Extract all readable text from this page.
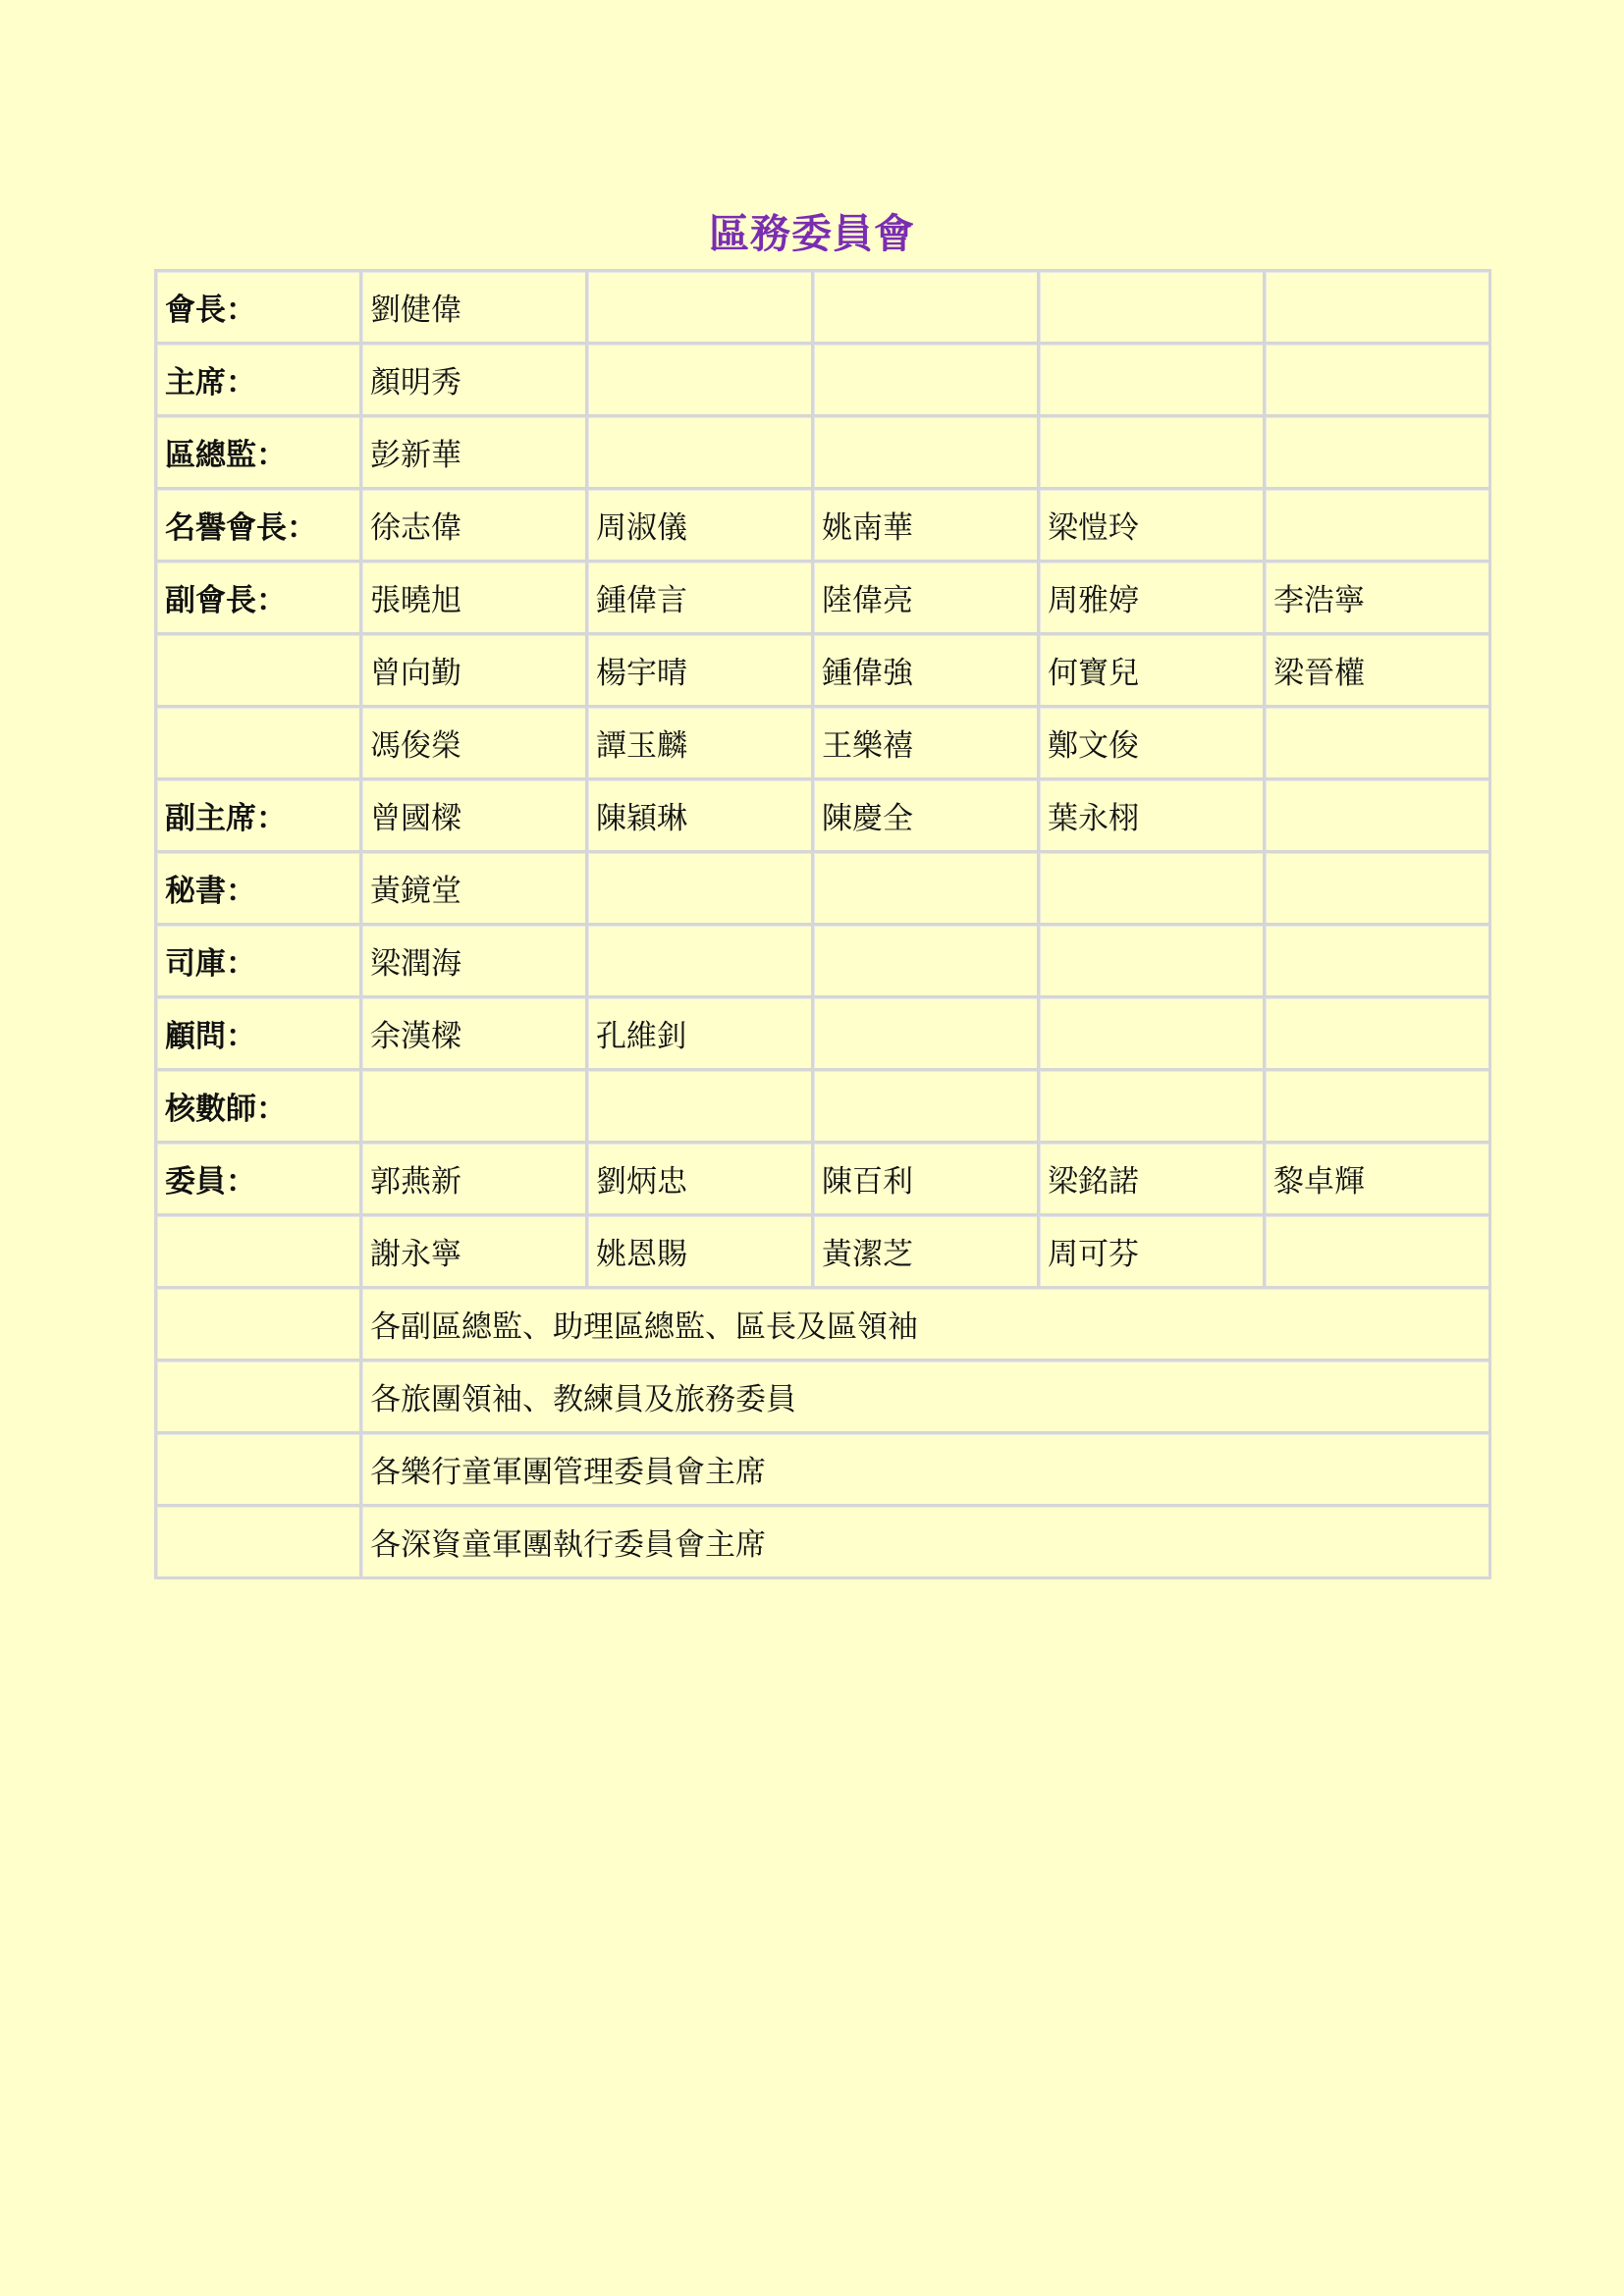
區務委員會
會長：	劉健偉				
主席：	顏明秀				
區總監：	彭新華				
名譽會長：	徐志偉	周淑儀	姚南華	梁愷玲	
副會長：	張曉旭	鍾偉言	陸偉亮	周雅婷	李浩寧
	曾向勤	楊宇晴	鍾偉強	何寶兒	梁晉權
	馮俊榮	譚玉麟	王樂禧	鄭文俊	
副主席：	曾國樑	陳穎琳	陳慶全	葉永栩	
秘書：	黃鏡堂				
司庫：	梁潤海				
顧問：	余漢樑	孔維釗			
核數師：					
委員：	郭燕新	劉炳忠	陳百利	梁銘諾	黎卓輝
	謝永寧	姚恩賜	黃潔芝	周可芬	
	各副區總監、助理區總監、區長及區領袖				
	各旅團領袖、教練員及旅務委員				
	各樂行童軍團管理委員會主席				
	各深資童軍團執行委員會主席				
